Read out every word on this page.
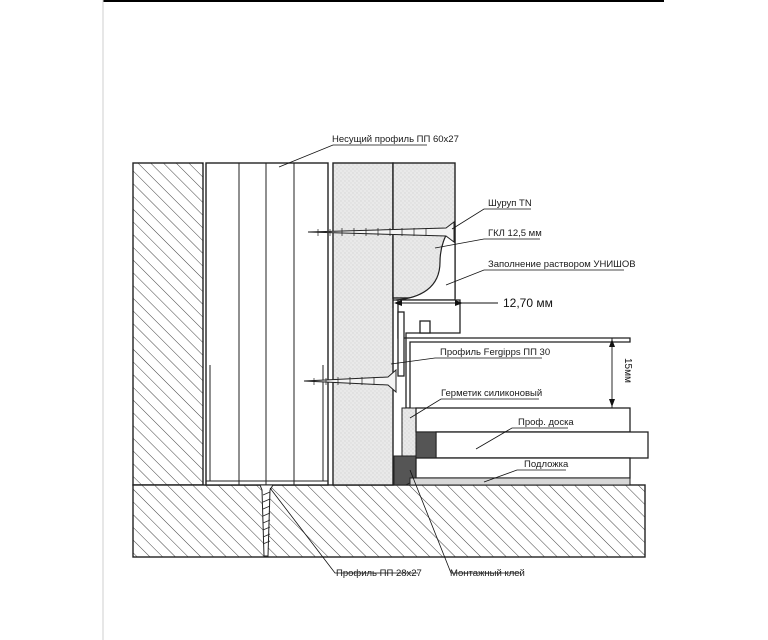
12,70 мм
15мм
Несущий профиль ПП 60x27
Шуруп TN
ГКЛ 12,5 мм
Заполнение раствором УНИШОВ
Профиль Fergipps ПП 30
Герметик силиконовый
Проф. доска
Подложка
Профиль ПП 28x27	Монтажный клей
